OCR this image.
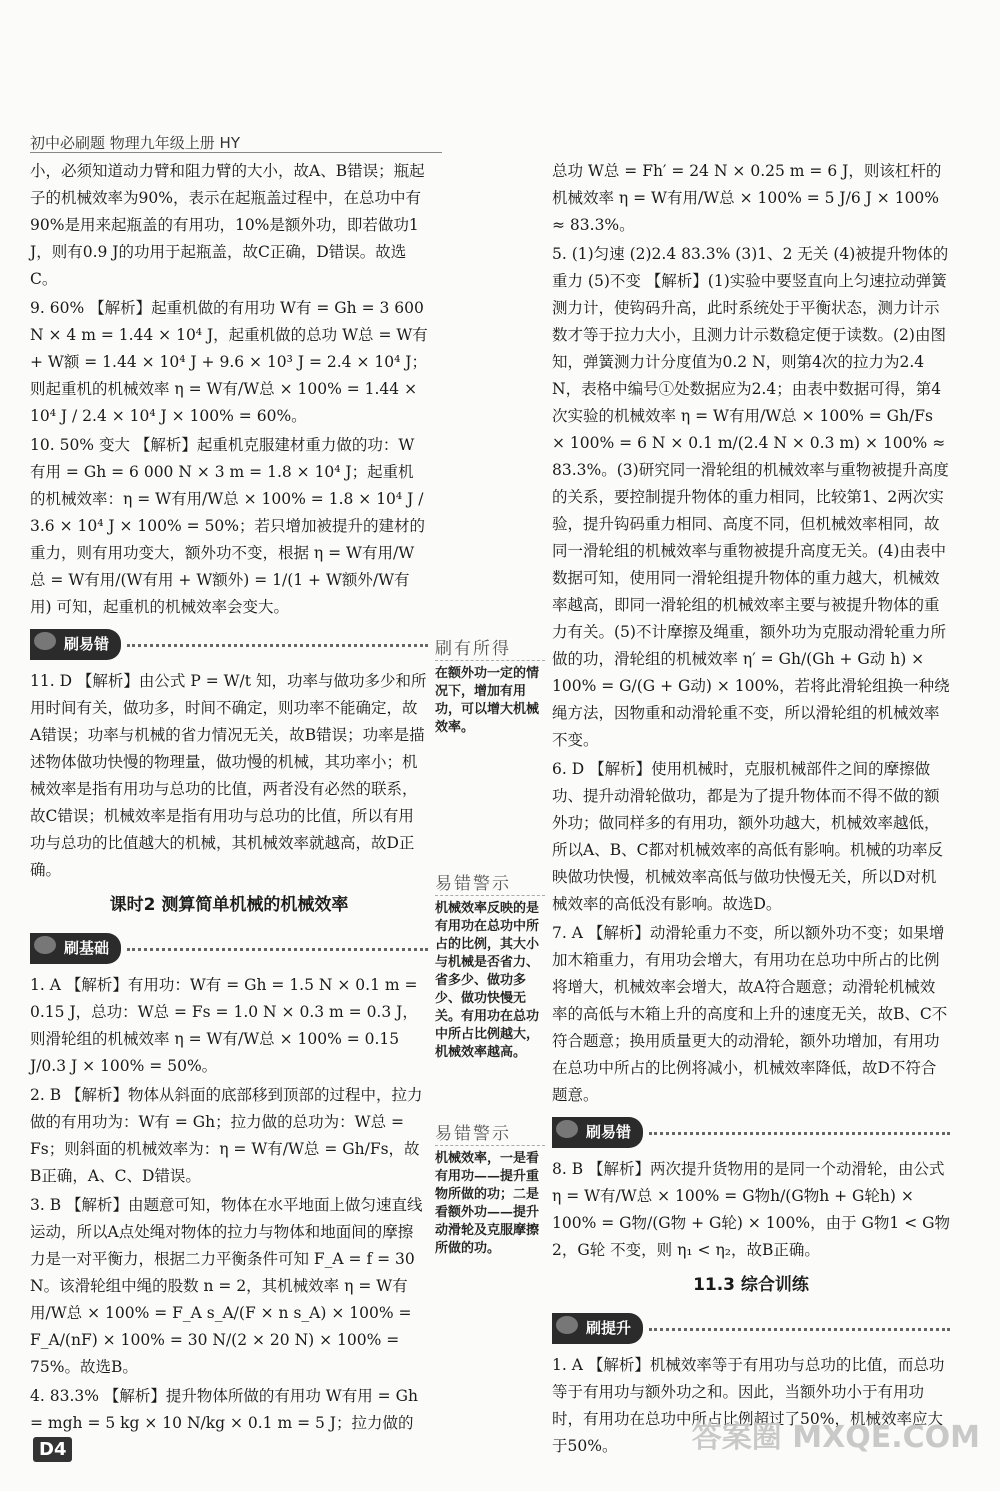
初中必刷题 物理九年级上册 HY

小，必须知道动力臂和阻力臂的大小，故A、B错误；瓶起子的机械效率为90%，表示在起瓶盖过程中，在总功中有90%是用来起瓶盖的有用功，10%是额外功，即若做功1 J，则有0.9 J的功用于起瓶盖，故C正确，D错误。故选C。

9. 60% 【解析】起重机做的有用功 W有 = Gh = 3 600 N × 4 m = 1.44 × 10⁴ J，起重机做的总功 W总 = W有 + W额 = 1.44 × 10⁴ J + 9.6 × 10³ J = 2.4 × 10⁴ J；则起重机的机械效率 η = W有/W总 × 100% = 1.44 × 10⁴ J / 2.4 × 10⁴ J × 100% = 60%。

10. 50% 变大 【解析】起重机克服建材重力做的功：W有用 = Gh = 6 000 N × 3 m = 1.8 × 10⁴ J；起重机的机械效率：η = W有用/W总 × 100% = 1.8 × 10⁴ J / 3.6 × 10⁴ J × 100% = 50%；若只增加被提升的建材的重力，则有用功变大，额外功不变，根据 η = W有用/W总 = W有用/(W有用 + W额外) = 1/(1 + W额外/W有用) 可知，起重机的机械效率会变大。

刷易错

11. D 【解析】由公式 P = W/t 知，功率与做功多少和所用时间有关，做功多，时间不确定，则功率不能确定，故A错误；功率与机械的省力情况无关，故B错误；功率是描述物体做功快慢的物理量，做功慢的机械，其功率小；机械效率是指有用功与总功的比值，两者没有必然的联系，故C错误；机械效率是指有用功与总功的比值，所以有用功与总功的比值越大的机械，其机械效率就越高，故D正确。

课时2 测算简单机械的机械效率
刷基础

1. A 【解析】有用功：W有 = Gh = 1.5 N × 0.1 m = 0.15 J，总功：W总 = Fs = 1.0 N × 0.3 m = 0.3 J，则滑轮组的机械效率 η = W有/W总 × 100% = 0.15 J/0.3 J × 100% = 50%。

2. B 【解析】物体从斜面的底部移到顶部的过程中，拉力做的有用功为：W有 = Gh；拉力做的总功为：W总 = Fs；则斜面的机械效率为：η = W有/W总 = Gh/Fs，故B正确，A、C、D错误。

3. B 【解析】由题意可知，物体在水平地面上做匀速直线运动，所以A点处绳对物体的拉力与物体和地面间的摩擦力是一对平衡力，根据二力平衡条件可知 F_A = f = 30 N。该滑轮组中绳的股数 n = 2，其机械效率 η = W有用/W总 × 100% = F_A s_A/(F × n s_A) × 100% = F_A/(nF) × 100% = 30 N/(2 × 20 N) × 100% = 75%。故选B。

4. 83.3% 【解析】提升物体所做的有用功 W有用 = Gh = mgh = 5 kg × 10 N/kg × 0.1 m = 5 J；拉力做的

刷有所得
在额外功一定的情况下，增加有用功，可以增大机械效率。
易错警示
机械效率反映的是有用功在总功中所占的比例，其大小与机械是否省力、省多少、做功多少、做功快慢无关。有用功在总功中所占比例越大，机械效率越高。
易错警示
机械效率，一是看有用功——提升重物所做的功；二是看额外功——提升动滑轮及克服摩擦所做的功。

总功 W总 = Fh′ = 24 N × 0.25 m = 6 J，则该杠杆的机械效率 η = W有用/W总 × 100% = 5 J/6 J × 100% ≈ 83.3%。

5. (1)匀速 (2)2.4 83.3% (3)1、2 无关 (4)被提升物体的重力 (5)不变 【解析】(1)实验中要竖直向上匀速拉动弹簧测力计，使钩码升高，此时系统处于平衡状态，测力计示数才等于拉力大小，且测力计示数稳定便于读数。(2)由图知，弹簧测力计分度值为0.2 N，则第4次的拉力为2.4 N，表格中编号①处数据应为2.4；由表中数据可得，第4次实验的机械效率 η = W有用/W总 × 100% = Gh/Fs × 100% = 6 N × 0.1 m/(2.4 N × 0.3 m) × 100% ≈ 83.3%。(3)研究同一滑轮组的机械效率与重物被提升高度的关系，要控制提升物体的重力相同，比较第1、2两次实验，提升钩码重力相同、高度不同，但机械效率相同，故同一滑轮组的机械效率与重物被提升高度无关。(4)由表中数据可知，使用同一滑轮组提升物体的重力越大，机械效率越高，即同一滑轮组的机械效率主要与被提升物体的重力有关。(5)不计摩擦及绳重，额外功为克服动滑轮重力所做的功，滑轮组的机械效率 η′ = Gh/(Gh + G动 h) × 100% = G/(G + G动) × 100%，若将此滑轮组换一种绕绳方法，因物重和动滑轮重不变，所以滑轮组的机械效率不变。

6. D 【解析】使用机械时，克服机械部件之间的摩擦做功、提升动滑轮做功，都是为了提升物体而不得不做的额外功；做同样多的有用功，额外功越大，机械效率越低，所以A、B、C都对机械效率的高低有影响。机械的功率反映做功快慢，机械效率高低与做功快慢无关，所以D对机械效率的高低没有影响。故选D。

7. A 【解析】动滑轮重力不变，所以额外功不变；如果增加木箱重力，有用功会增大，有用功在总功中所占的比例将增大，机械效率会增大，故A符合题意；动滑轮机械效率的高低与木箱上升的高度和上升的速度无关，故B、C不符合题意；换用质量更大的动滑轮，额外功增加，有用功在总功中所占的比例将减小，机械效率降低，故D不符合题意。

刷易错

8. B 【解析】两次提升货物用的是同一个动滑轮，由公式 η = W有/W总 × 100% = G物h/(G物h + G轮h) × 100% = G物/(G物 + G轮) × 100%，由于 G物1 < G物2，G轮 不变，则 η₁ < η₂，故B正确。

11.3 综合训练
刷提升

1. A 【解析】机械效率等于有用功与总功的比值，而总功等于有用功与额外功之和。因此，当额外功小于有用功时，有用功在总功中所占比例超过了50%，机械效率应大于50%。

D4	答案圈 MXQE.COM
